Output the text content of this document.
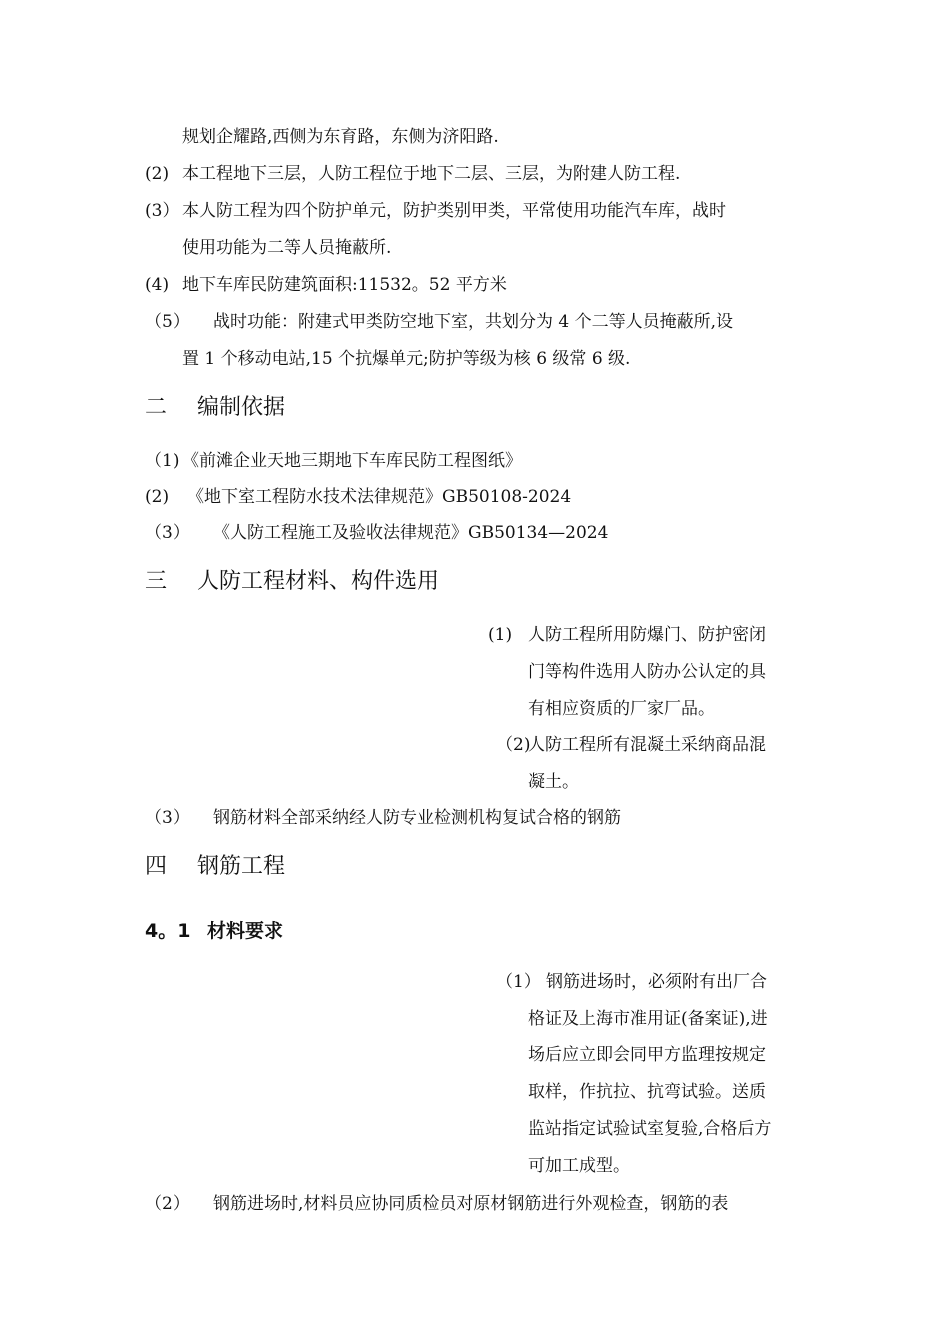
规划企耀路,西侧为东育路，东侧为济阳路.
(2) 本工程地下三层，人防工程位于地下二层、三层，为附建人防工程.
(3） 本人防工程为四个防护单元，防护类别甲类，平常使用功能汽车库，战时
使用功能为二等人员掩蔽所.
(4) 地下车库民防建筑面积:11532。52 平方米
（5） 战时功能：附建式甲类防空地下室，共划分为 4 个二等人员掩蔽所,设
置 1 个移动电站,15 个抗爆单元;防护等级为核 6 级常 6 级.
二 编制依据
（1) 《前滩企业天地三期地下车库民防工程图纸》
(2) 《地下室工程防水技术法律规范》GB50108-2024
（3） 《人防工程施工及验收法律规范》GB50134—2024
三 人防工程材料、构件选用
(1) 人防工程所用防爆门、防护密闭
门等构件选用人防办公认定的具
有相应资质的厂家厂品。
（2)人防工程所有混凝土采纳商品混
凝土。
（3） 钢筋材料全部采纳经人防专业检测机构复试合格的钢筋
四 钢筋工程
4。1 材料要求
（1） 钢筋进场时，必须附有出厂合
格证及上海市准用证(备案证),进
场后应立即会同甲方监理按规定
取样，作抗拉、抗弯试验。送质
监站指定试验试室复验,合格后方
可加工成型。
（2） 钢筋进场时,材料员应协同质检员对原材钢筋进行外观检查，钢筋的表
